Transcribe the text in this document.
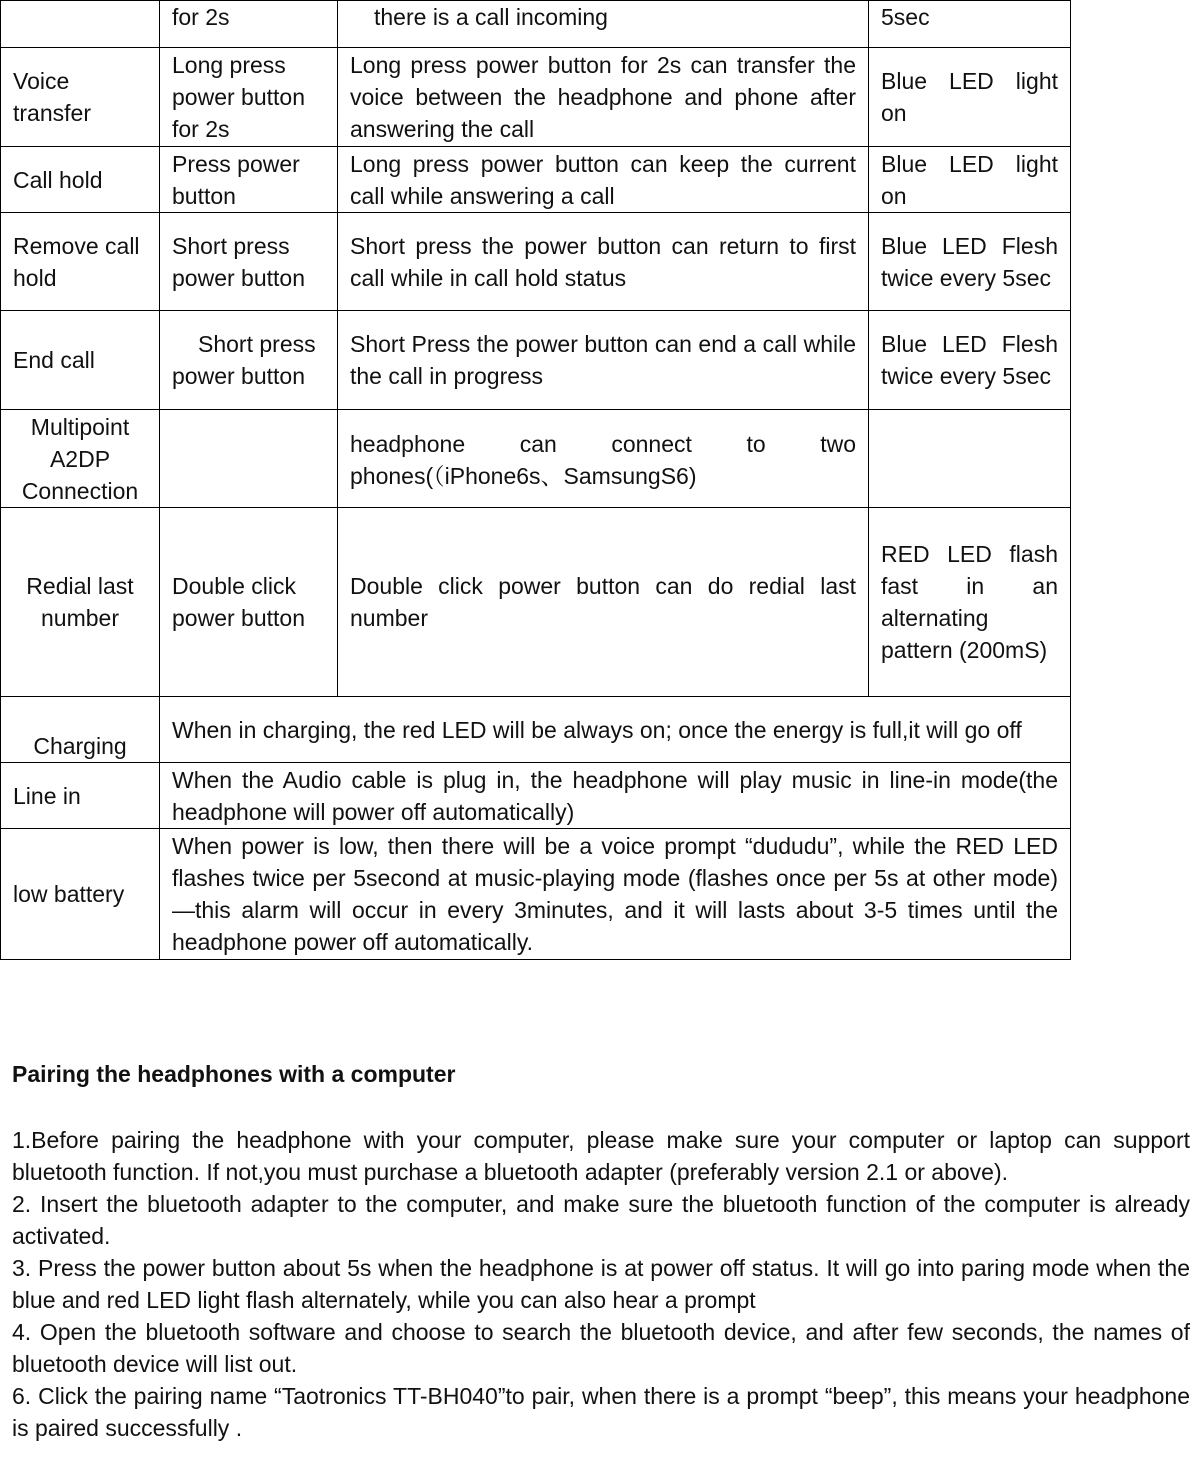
	for 2s	there is a call incoming	5sec
Voice transfer	Long press power button for 2s	Long press power button for 2s can transfer the voice between the headphone and phone after answering the call	Blue LED light on
Call hold	Press power button	Long press power button can keep the current call while answering a call	Blue LED light on
Remove call hold	Short press power button	Short press the power button can return to first call while in call hold status	Blue LED Flesh twice every 5sec
End call	Short press power button	Short Press the power button can end a call while the call in progress	Blue LED Flesh twice every 5sec
Multipoint A2DP Connection		headphone can connect to two phones(（iPhone6s、SamsungS6)	
Redial last number	Double click power button	Double click power button can do redial last number	RED LED flash fast in an alternating pattern (200mS)
Charging	When in charging, the red LED will be always on; once the energy is full,it will go off		
Line in	When the Audio cable is plug in, the headphone will play music in line-in mode(the headphone will power off automatically)		
low battery	When power is low, then there will be a voice prompt “dududu”, while the RED LED flashes twice per 5second at music-playing mode (flashes once per 5s at other mode)—this alarm will occur in every 3minutes, and it will lasts about 3-5 times until the headphone power off automatically.		
Pairing the headphones with a computer

1.Before pairing the headphone with your computer, please make sure your computer or laptop can support bluetooth function. If not,you must purchase a bluetooth adapter (preferably version 2.1 or above).

2. Insert the bluetooth adapter to the computer, and make sure the bluetooth function of the computer is already activated.

3. Press the power button about 5s when the headphone is at power off status. It will go into paring mode when the blue and red LED light flash alternately, while you can also hear a prompt

4. Open the bluetooth software and choose to search the bluetooth device, and after few seconds, the names of bluetooth device will list out.

6. Click the pairing name “Taotronics TT-BH040”to pair, when there is a prompt “beep”, this means your headphone is paired successfully .
